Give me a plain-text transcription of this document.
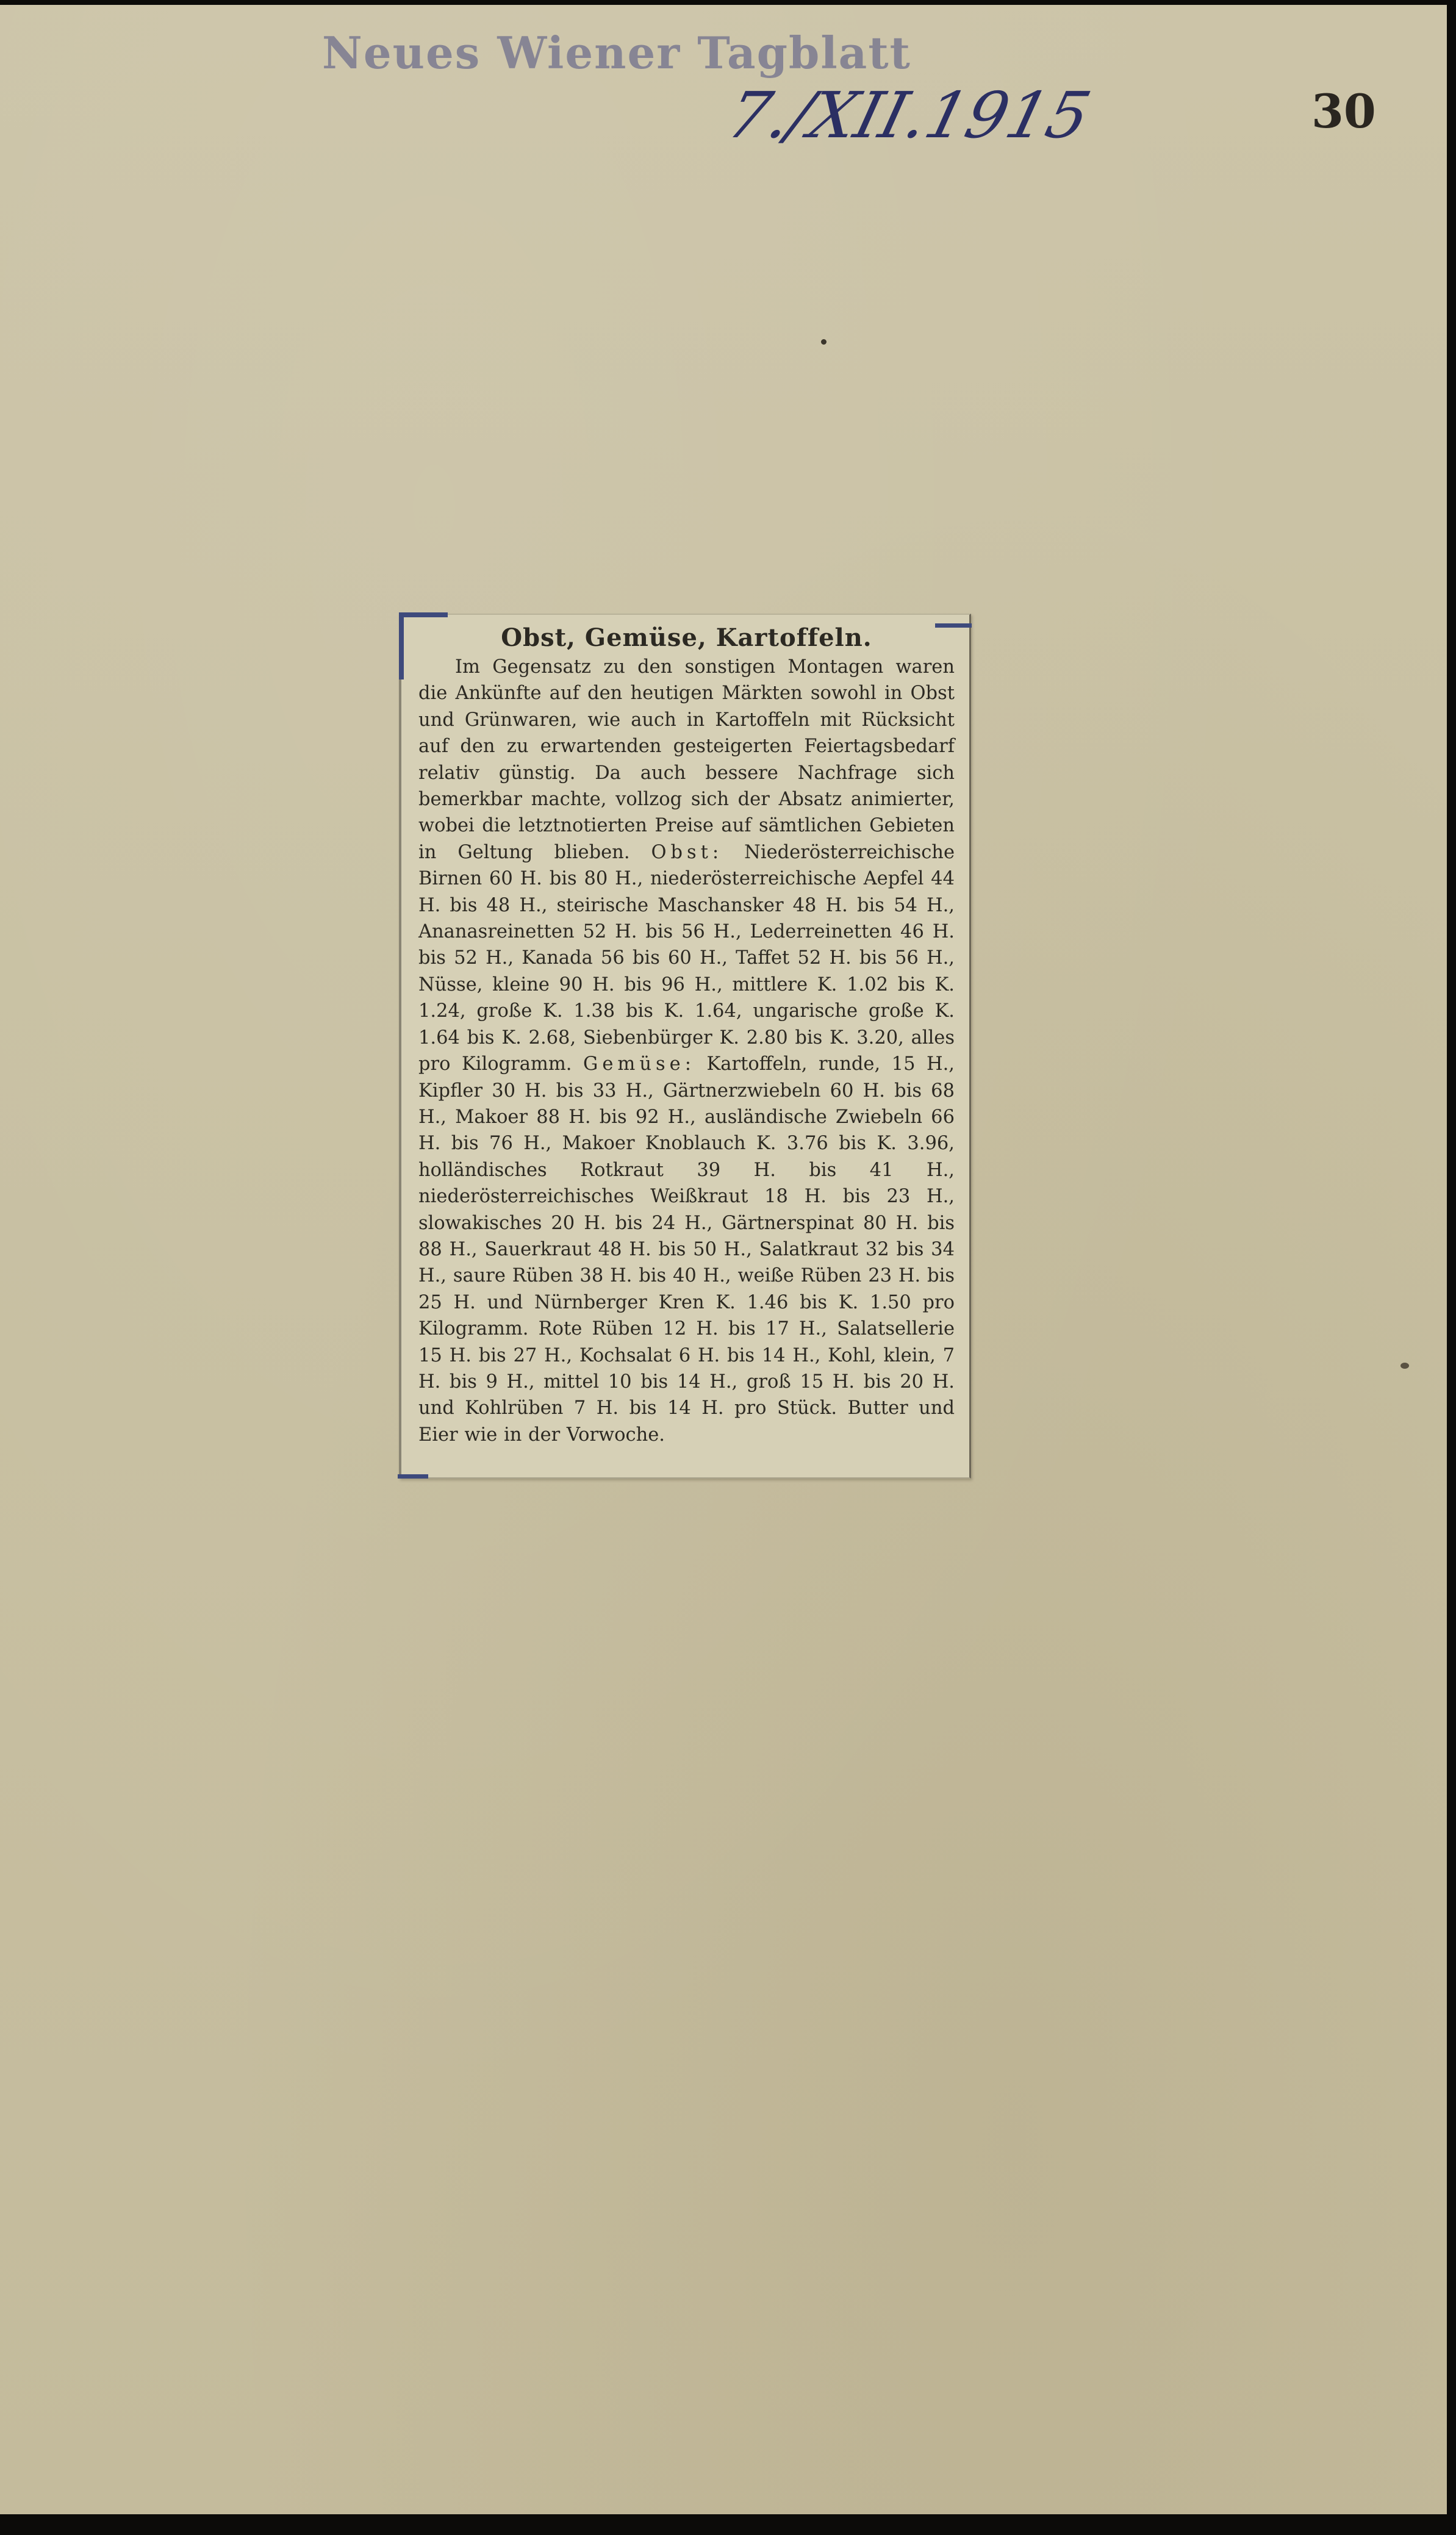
Neues Wiener Tagblatt
7./XII.1915	30
Obst, Gemüse, Kartoffeln.

Im Gegensatz zu den sonstigen Montagen waren die Ankünfte auf den heutigen Märkten sowohl in Obst und Grünwaren, wie auch in Kartoffeln mit Rücksicht auf den zu erwartenden gesteigerten Feiertagsbedarf relativ günstig. Da auch bessere Nachfrage sich bemerkbar machte, vollzog sich der Absatz animierter, wobei die letztnotierten Preise auf sämtlichen Gebieten in Geltung blieben. Obst: Niederösterreichische Birnen 60 H. bis 80 H., niederösterreichische Aepfel 44 H. bis 48 H., steirische Maschansker 48 H. bis 54 H., Ananasreinetten 52 H. bis 56 H., Lederreinetten 46 H. bis 52 H., Kanada 56 bis 60 H., Taffet 52 H. bis 56 H., Nüsse, kleine 90 H. bis 96 H., mittlere K. 1.02 bis K. 1.24, große K. 1.38 bis K. 1.64, ungarische große K. 1.64 bis K. 2.68, Siebenbürger K. 2.80 bis K. 3.20, alles pro Kilogramm. Gemüse: Kartoffeln, runde, 15 H., Kipfler 30 H. bis 33 H., Gärtnerzwiebeln 60 H. bis 68 H., Makoer 88 H. bis 92 H., ausländische Zwiebeln 66 H. bis 76 H., Makoer Knoblauch K. 3.76 bis K. 3.96, holländisches Rotkraut 39 H. bis 41 H., niederösterreichisches Weißkraut 18 H. bis 23 H., slowakisches 20 H. bis 24 H., Gärtnerspinat 80 H. bis 88 H., Sauerkraut 48 H. bis 50 H., Salatkraut 32 bis 34 H., saure Rüben 38 H. bis 40 H., weiße Rüben 23 H. bis 25 H. und Nürnberger Kren K. 1.46 bis K. 1.50 pro Kilogramm. Rote Rüben 12 H. bis 17 H., Salatsellerie 15 H. bis 27 H., Kochsalat 6 H. bis 14 H., Kohl, klein, 7 H. bis 9 H., mittel 10 bis 14 H., groß 15 H. bis 20 H. und Kohlrüben 7 H. bis 14 H. pro Stück. Butter und Eier wie in der Vorwoche.
